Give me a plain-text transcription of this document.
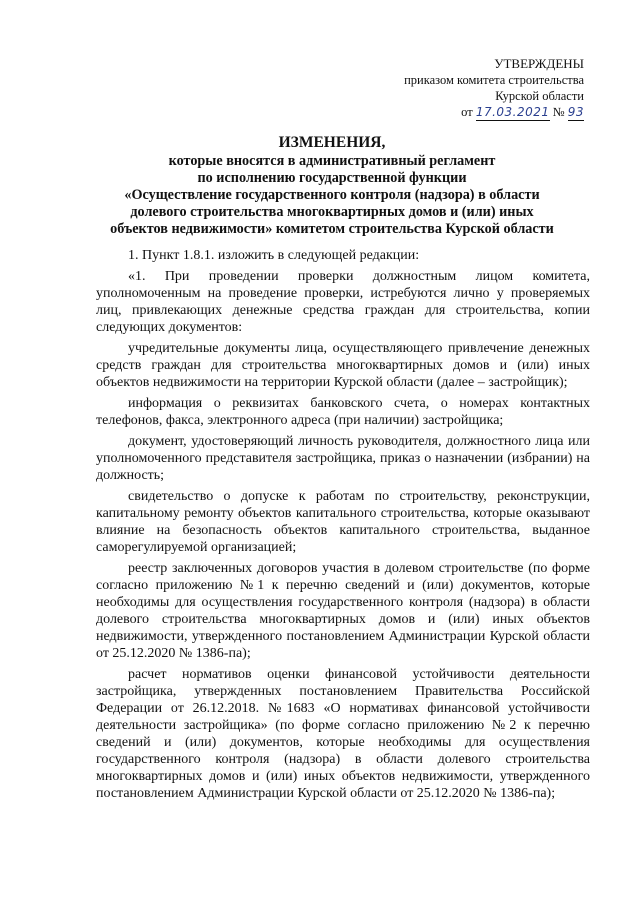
УТВЕРЖДЕНЫ
приказом комитета строительства
Курской области
от 17.03.2021 № 93
ИЗМЕНЕНИЯ,
которые вносятся в административный регламент
по исполнению государственной функции
«Осуществление государственного контроля (надзора) в области
долевого строительства многоквартирных домов и (или) иных
объектов недвижимости» комитетом строительства Курской области

1. Пункт 1.8.1. изложить в следующей редакции:

«1. При проведении проверки должностным лицом комитета, уполномоченным на проведение проверки, истребуются лично у проверяемых лиц, привлекающих денежные средства граждан для строительства, копии следующих документов:

учредительные документы лица, осуществляющего привлечение денежных средств граждан для строительства многоквартирных домов и (или) иных объектов недвижимости на территории Курской области (далее – застройщик);

информация о реквизитах банковского счета, о номерах контактных телефонов, факса, электронного адреса (при наличии) застройщика;

документ, удостоверяющий личность руководителя, должностного лица или уполномоченного представителя застройщика, приказ о назначении (избрании) на должность;

свидетельство о допуске к работам по строительству, реконструкции, капитальному ремонту объектов капитального строительства, которые оказывают влияние на безопасность объектов капитального строительства, выданное саморегулируемой организацией;

реестр заключенных договоров участия в долевом строительстве (по форме согласно приложению №1 к перечню сведений и (или) документов, которые необходимы для осуществления государственного контроля (надзора) в области долевого строительства многоквартирных домов и (или) иных объектов недвижимости, утвержденного постановлением Администрации Курской области от 25.12.2020 № 1386-па);

расчет нормативов оценки финансовой устойчивости деятельности застройщика, утвержденных постановлением Правительства Российской Федерации от 26.12.2018. №1683 «О нормативах финансовой устойчивости деятельности застройщика» (по форме согласно приложению №2 к перечню сведений и (или) документов, которые необходимы для осуществления государственного контроля (надзора) в области долевого строительства многоквартирных домов и (или) иных объектов недвижимости, утвержденного постановлением Администрации Курской области от 25.12.2020 № 1386-па);
